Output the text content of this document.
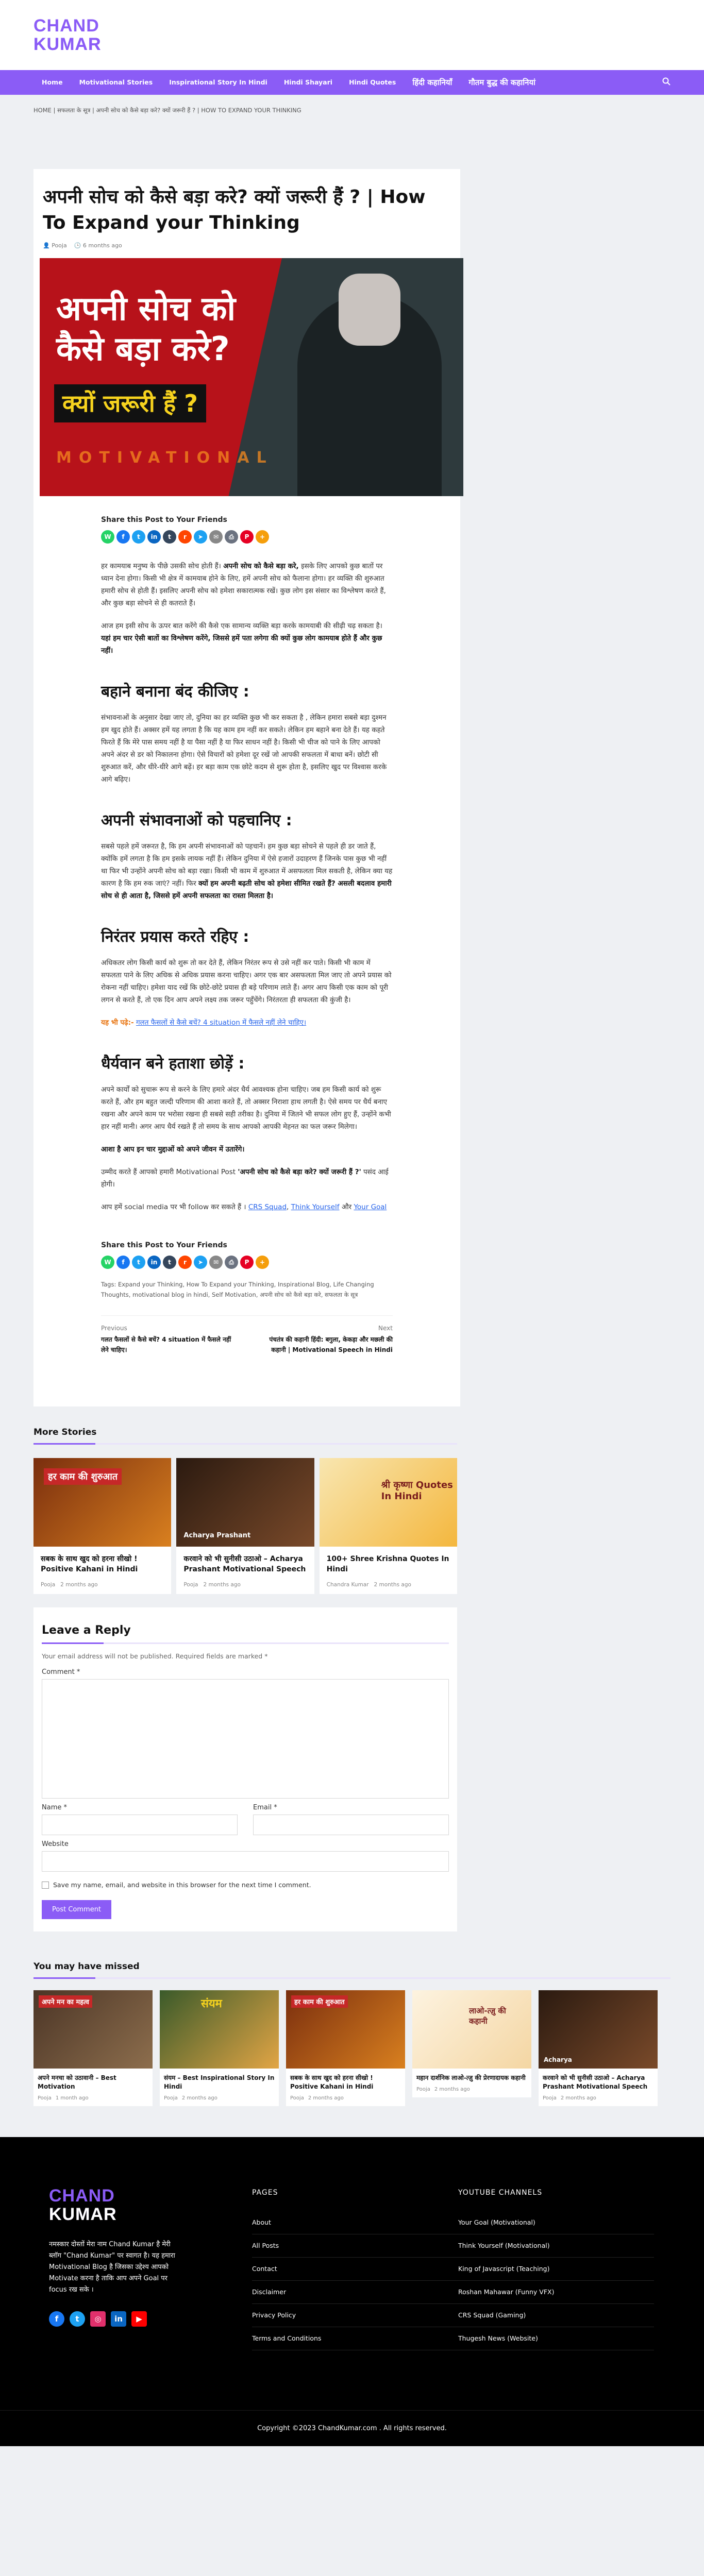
CHAND
KUMAR
Home	Motivational Stories	Inspirational Story In Hindi	Hindi Shayari	Hindi Quotes	हिंदी कहानियाँ	गौतम बुद्ध की कहानियां
HOME
|
सफलता के सूत्र
|
अपनी सोच को कैसे बड़ा करे? क्यों जरूरी हैं ? | HOW TO EXPAND YOUR THINKING
अपनी सोच को कैसे बड़ा करे? क्यों जरूरी हैं ? | How To Expand your Thinking
👤 Pooja 🕒 6 months ago
अपनी सोच को
कैसे बड़ा करे?
क्यों जरूरी हैं ?
MOTIVATIONAL
Share this Post to Your Friends
W	f	t	in	t	r	➤	✉	⎙	P	+

हर कामयाब मनुष्य के पीछे उसकी सोच होती हैं। अपनी सोच को कैसे बड़ा करे, इसके लिए आपको कुछ बातों पर ध्यान देना होगा। किसी भी क्षेत्र में कामयाब होने के लिए, हमें अपनी सोच को फैलाना होगा। हर व्यक्ति की शुरुआत हमारी सोच से होती हैं। इसलिए अपनी सोच को हमेशा सकारात्मक रखें। कुछ लोग इस संसार का विश्लेषण करते हैं, और कुछ बड़ा सोचने से ही कतराते हैं।

आज हम इसी सोच के ऊपर बात करेंगे की कैसे एक सामान्य व्यक्ति बड़ा करके कामयाबी की सीढ़ी चढ़ सकता है।
यहां हम चार ऐसी बातों का विश्लेषण करेंगे, जिससे हमें पता लगेगा की क्यों कुछ लोग कामयाब होते हैं और कुछ नहीं।

बहाने बनाना बंद कीजिए :

संभावनाओं के अनुसार देखा जाए तो, दुनिया का हर व्यक्ति कुछ भी कर सकता है , लेकिन हमारा सबसे बड़ा दुश्मन हम खुद होते हैं। अक्सर हमें यह लगता है कि यह काम हम नहीं कर सकते। लेकिन हम बहाने बना देते हैं। यह कहते फिरते हैं कि मेरे पास समय नहीं है या पैसा नहीं है या फिर साधन नहीं है। किसी भी चीज को पाने के लिए आपको अपने अंदर से डर को निकालना होगा। ऐसे विचारों को हमेशा दूर रखें जो आपकी सफलता में बाधा बनें। छोटी सी शुरुआत करें, और धीरे-धीरे आगे बढ़ें। हर बड़ा काम एक छोटे कदम से शुरू होता है, इसलिए खुद पर विश्वास करके आगे बढ़िए।

अपनी संभावनाओं को पहचानिए :

सबसे पहले हमें जरूरत है, कि हम अपनी संभावनाओं को पहचानें। हम कुछ बड़ा सोचने से पहले ही डर जाते हैं, क्योंकि हमें लगता है कि हम इसके लायक नहीं हैं। लेकिन दुनिया में ऐसे हजारों उदाहरण हैं जिनके पास कुछ भी नहीं था फिर भी उन्होंने अपनी सोच को बड़ा रखा। किसी भी काम में शुरुआत में असफलता मिल सकती है, लेकिन क्या यह कारण है कि हम रुक जाएं? नहीं। फिर क्यों हम अपनी बढ़ती सोच को हमेशा सीमित रखते हैं? असली बदलाव हमारी सोच से ही आता है, जिससे हमें अपनी सफलता का रास्ता मिलता है।

निरंतर प्रयास करते रहिए :

अधिकतर लोग किसी कार्य को शुरू तो कर देते हैं, लेकिन निरंतर रूप से उसे नहीं कर पाते। किसी भी काम में सफलता पाने के लिए अधिक से अधिक प्रयास करना चाहिए। अगर एक बार असफलता मिल जाए तो अपने प्रयास को रोकना नहीं चाहिए। हमेशा याद रखें कि छोटे-छोटे प्रयास ही बड़े परिणाम लाते हैं। अगर आप किसी एक काम को पूरी लगन से करते हैं, तो एक दिन आप अपने लक्ष्य तक जरूर पहुँचेंगे। निरंतरता ही सफलता की कुंजी है।

यह भी पढ़े:- गलत फैसलों से कैसे बचें? 4 situation में फैसले नहीं लेने चाहिए।

धैर्यवान बने हताशा छोड़ें :

अपने कार्यों को सुचारू रूप से करने के लिए हमारे अंदर धैर्य आवश्यक होना चाहिए। जब हम किसी कार्य को शुरू करते हैं, और हम बहुत जल्दी परिणाम की आशा करते हैं, तो अक्सर निराशा हाथ लगती है। ऐसे समय पर धैर्य बनाए रखना और अपने काम पर भरोसा रखना ही सबसे सही तरीका है। दुनिया में जितने भी सफल लोग हुए हैं, उन्होंने कभी हार नहीं मानी। अगर आप धैर्य रखते हैं तो समय के साथ आपको आपकी मेहनत का फल जरूर मिलेगा।

आशा है आप इन चार मुद्दाओं को अपने जीवन में उतारेंगे।

उम्मीद करते हैं आपको हमारी Motivational Post 'अपनी सोच को कैसे बड़ा करे? क्यों जरूरी हैं ?' पसंद आई होगी।

आप हमें social media पर भी follow कर सकते हैं । CRS Squad, Think Yourself और Your Goal

Share this Post to Your Friends
W	f	t	in	t	r	➤	✉	⎙	P	+
Tags: Expand your Thinking, How To Expand your Thinking, Inspirational Blog, Life Changing Thoughts, motivational blog in hindi, Self Motivation, अपनी सोच को कैसे बड़ा करे, सफलता के सूत्र
Previous
गलत फैसलों से कैसे बचें? 4 situation में फैसले नहीं लेने चाहिए।
Next
पंचतंत्र की कहानी हिंदी: बगुला, केकड़ा और मछली की कहानी | Motivational Speech in Hindi
More Stories
हर काम की शुरुआत
सबक के साथ खुद को हरना सीखो ! Positive Kahani in Hindi
Pooja 2 months ago
Acharya Prashant
करवाने को भी सुनीसी उठाओ – Acharya Prashant Motivational Speech
Pooja 2 months ago
श्री कृष्णा Quotes In Hindi
100+ Shree Krishna Quotes In Hindi
Chandra Kumar 2 months ago
Leave a Reply
Your email address will not be published. Required fields are marked *
Comment *
Name *	Email *
Website
Save my name, email, and website in this browser for the next time I comment.
Post Comment
You may have missed
अपने मन का महत्व
अपने मनचा को उठावानी – Best Motivation
Pooja 1 month ago
संयम
संयम – Best Inspirational Story In Hindi
Pooja 2 months ago
हर काम की शुरुआत
सबक के साथ खुद को हरना सीखो ! Positive Kahani in Hindi
Pooja 2 months ago
लाओ-त्ज़ु की कहानी
महान दार्शनिक लाओ-त्ज़ु की प्रेरणादायक कहानी
Pooja 2 months ago
Acharya
करवाने को भी सुनीसी उठाओ – Acharya Prashant Motivational Speech
Pooja 2 months ago
CHAND
KUMAR
नमस्कार दोस्तों मेरा नाम Chand Kumar है मेरी ब्लॉग "Chand Kumar" पर स्वागत है। यह हमारा Motivational Blog है जिसका उद्देश्य आपको Motivate करना है ताकि आप अपने Goal पर focus रख सके ।
f	t	◎	in	▶
PAGES
About
All Posts
Contact
Disclaimer
Privacy Policy
Terms and Conditions
YOUTUBE CHANNELS
Your Goal (Motivational)
Think Yourself (Motivational)
King of Javascript (Teaching)
Roshan Mahawar (Funny VFX)
CRS Squad (Gaming)
Thugesh News (Website)
Copyright ©2023 ChandKumar.com . All rights reserved.
